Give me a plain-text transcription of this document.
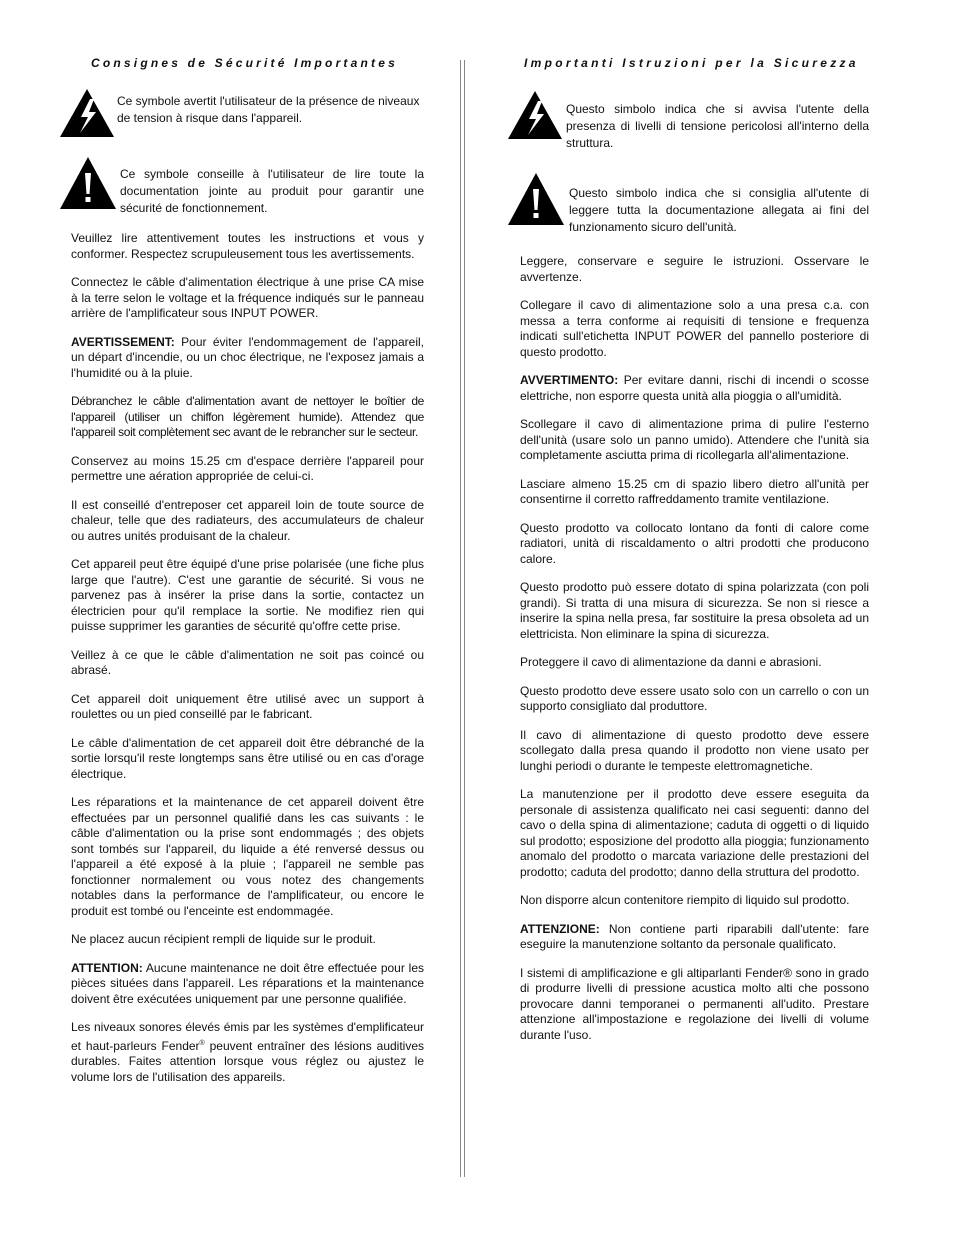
Consignes de Sécurité Importantes

Ce symbole avertit l'utilisateur de la présence de niveaux de tension à risque dans l'appareil.

Ce symbole conseille à l'utilisateur de lire toute la documentation jointe au produit pour garantir une sécurité de fonctionnement.

Veuillez lire attentivement toutes les instructions et vous y conformer. Respectez scrupuleusement tous les avertissements.

Connectez le câble d'alimentation électrique à une prise CA mise à la terre selon le voltage et la fréquence indiqués sur le panneau arrière de l'amplificateur sous INPUT POWER.

AVERTISSEMENT: Pour éviter l'endommagement de l'appareil, un départ d'incendie, ou un choc électrique, ne l'exposez jamais a l'humidité ou à la pluie.

Débranchez le câble d'alimentation avant de nettoyer le boîtier de l'appareil (utiliser un chiffon légèrement humide). Attendez que l'appareil soit complètement sec avant de le rebrancher sur le secteur.

Conservez au moins 15.25 cm d'espace derrière l'appareil pour permettre une aération appropriée de celui-ci.

Il est conseillé d'entreposer cet appareil loin de toute source de chaleur, telle que des radiateurs, des accumulateurs de chaleur ou autres unités produisant de la chaleur.

Cet appareil peut être équipé d'une prise polarisée (une fiche plus large que l'autre). C'est une garantie de sécurité. Si vous ne parvenez pas à insérer la prise dans la sortie, contactez un électricien pour qu'il remplace la sortie. Ne modifiez rien qui puisse supprimer les garanties de sécurité qu'offre cette prise.

Veillez à ce que le câble d'alimentation ne soit pas coincé ou abrasé.

Cet appareil doit uniquement être utilisé avec un support à roulettes ou un pied conseillé par le fabricant.

Le câble d'alimentation de cet appareil doit être débranché de la sortie lorsqu'il reste longtemps sans être utilisé ou en cas d'orage électrique.

Les réparations et la maintenance de cet appareil doivent être effectuées par un personnel qualifié dans les cas suivants : le câble d'alimentation ou la prise sont endommagés ; des objets sont tombés sur l'appareil, du liquide a été renversé dessus ou l'appareil a été exposé à la pluie ; l'appareil ne semble pas fonctionner normalement ou vous notez des changements notables dans la performance de l'amplificateur, ou encore le produit est tombé ou l'enceinte est endommagée.

Ne placez aucun récipient rempli de liquide sur le produit.

ATTENTION: Aucune maintenance ne doit être effectuée pour les pièces situées dans l'appareil. Les réparations et la maintenance doivent être exécutées uniquement par une personne qualifiée.

Les niveaux sonores élevés émis par les systèmes d'emplificateur et haut-parleurs Fender® peuvent entraîner des lésions auditives durables. Faites attention lorsque vous réglez ou ajustez le volume lors de l'utilisation des appareils.

Importanti Istruzioni per la Sicurezza

Questo simbolo indica che si avvisa l'utente della presenza di livelli di tensione pericolosi all'interno della struttura.

Questo simbolo indica che si consiglia all'utente di leggere tutta la documentazione allegata ai fini del funzionamento sicuro dell'unità.

Leggere, conservare e seguire le istruzioni. Osservare le avvertenze.

Collegare il cavo di alimentazione solo a una presa c.a. con messa a terra conforme ai requisiti di tensione e frequenza indicati sull'etichetta INPUT POWER del pannello posteriore di questo prodotto.

AVVERTIMENTO: Per evitare danni, rischi di incendi o scosse elettriche, non esporre questa unità alla pioggia o all'umidità.

Scollegare il cavo di alimentazione prima di pulire l'esterno dell'unità (usare solo un panno umido). Attendere che l'unità sia completamente asciutta prima di ricollegarla all'alimentazione.

Lasciare almeno 15.25 cm di spazio libero dietro all'unità per consentirne il corretto raffreddamento tramite ventilazione.

Questo prodotto va collocato lontano da fonti di calore come radiatori, unità di riscaldamento o altri prodotti che producono calore.

Questo prodotto può essere dotato di spina polarizzata (con poli grandi). Si tratta di una misura di sicurezza. Se non si riesce a inserire la spina nella presa, far sostituire la presa obsoleta ad un elettricista. Non eliminare la spina di sicurezza.

Proteggere il cavo di alimentazione da danni e abrasioni.

Questo prodotto deve essere usato solo con un carrello o con un supporto consigliato dal produttore.

Il cavo di alimentazione di questo prodotto deve essere scollegato dalla presa quando il prodotto non viene usato per lunghi periodi o durante le tempeste elettromagnetiche.

La manutenzione per il prodotto deve essere eseguita da personale di assistenza qualificato nei casi seguenti: danno del cavo o della spina di alimentazione; caduta di oggetti o di liquido sul prodotto; esposizione del prodotto alla pioggia; funzionamento anomalo del prodotto o marcata variazione delle prestazioni del prodotto; caduta del prodotto; danno della struttura del prodotto.

Non disporre alcun contenitore riempito di liquido sul prodotto.

ATTENZIONE: Non contiene parti riparabili dall'utente: fare eseguire la manutenzione soltanto da personale qualificato.

I sistemi di amplificazione e gli altiparlanti Fender® sono in grado di produrre livelli di pressione acustica molto alti che possono provocare danni temporanei o permanenti all'udito. Prestare attenzione all'impostazione e regolazione dei livelli di volume durante l'uso.
